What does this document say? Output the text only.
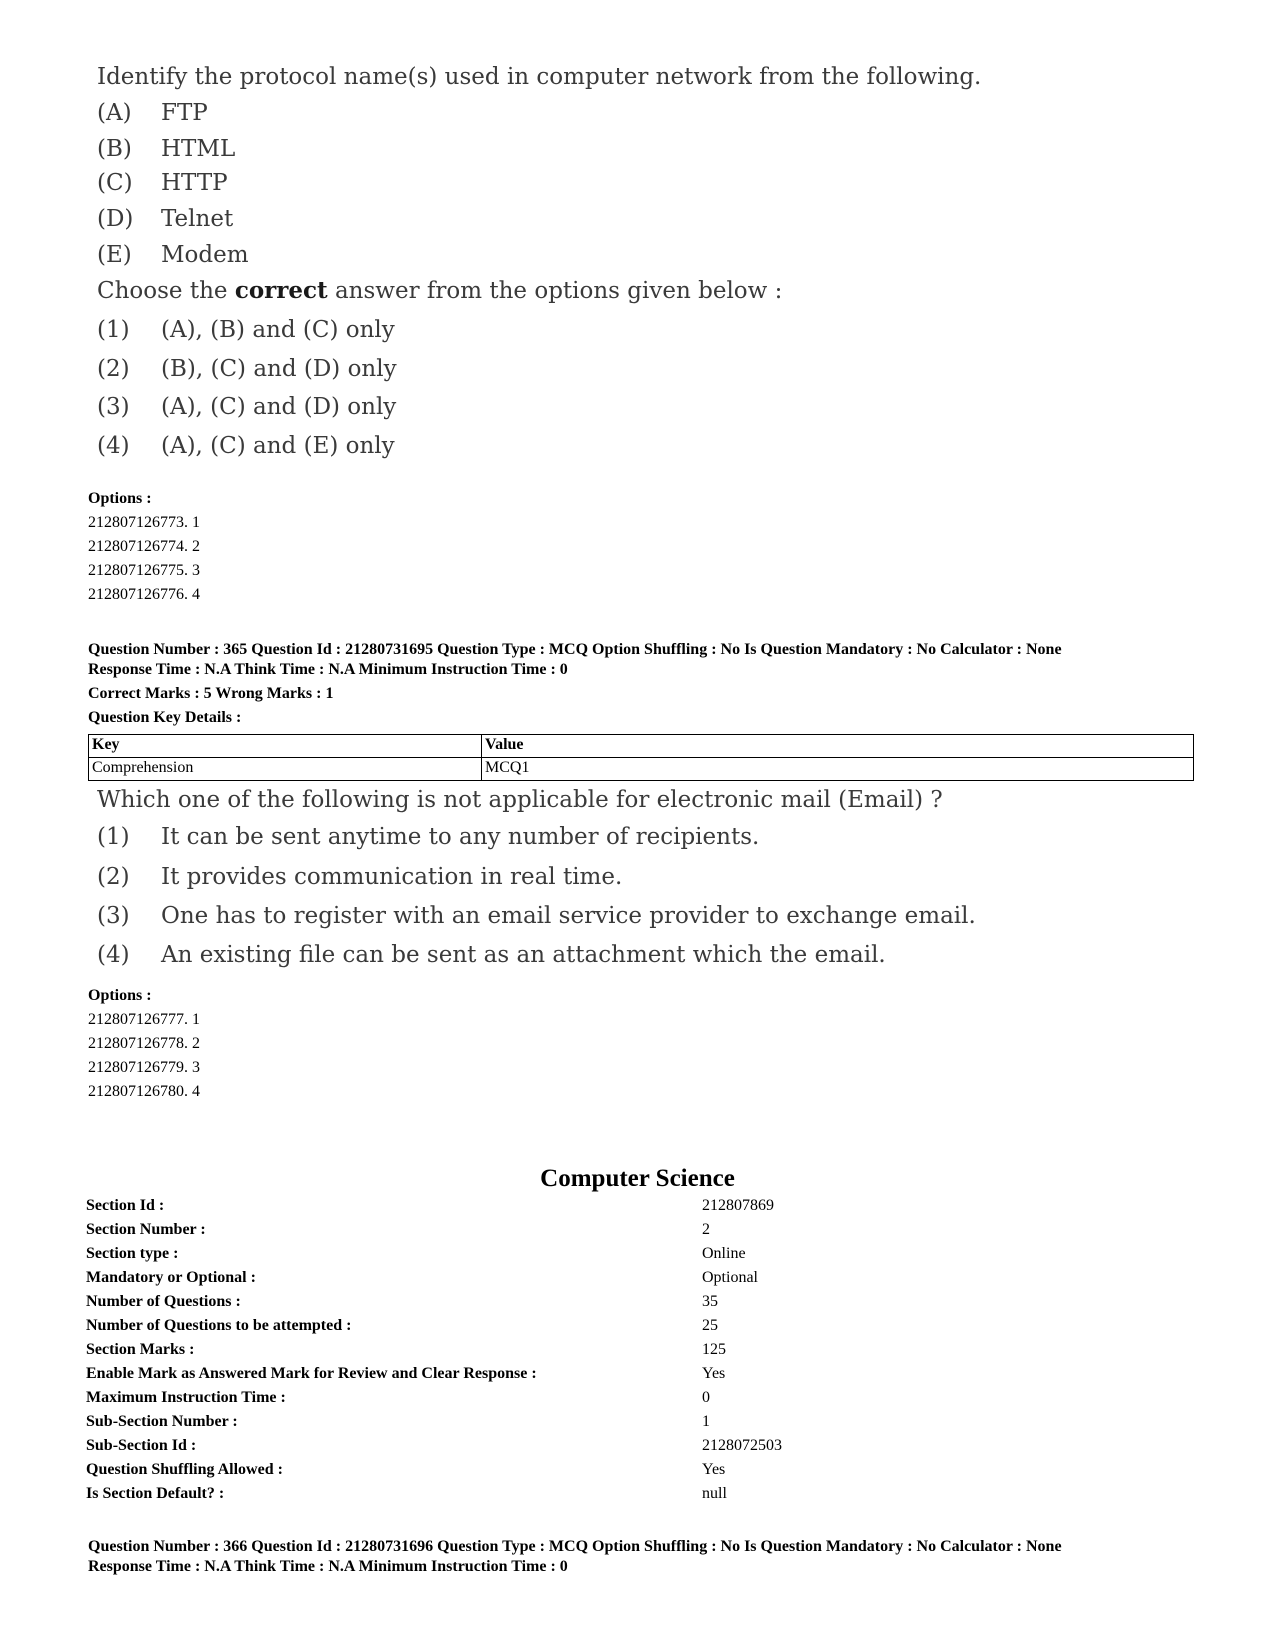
Identify the protocol name(s) used in computer network from the following.
(A) FTP
(B) HTML
(C) HTTP
(D) Telnet
(E) Modem
Choose the correct answer from the options given below :
(1) (A), (B) and (C) only
(2) (B), (C) and (D) only
(3) (A), (C) and (D) only
(4) (A), (C) and (E) only
Options :
212807126773. 1
212807126774. 2
212807126775. 3
212807126776. 4
Question Number : 365 Question Id : 21280731695 Question Type : MCQ Option Shuffling : No Is Question Mandatory : No Calculator : None
Response Time : N.A Think Time : N.A Minimum Instruction Time : 0
Correct Marks : 5 Wrong Marks : 1
Question Key Details :
Key	Value
Comprehension	MCQ1
Which one of the following is not applicable for electronic mail (Email) ?
(1) It can be sent anytime to any number of recipients.
(2) It provides communication in real time.
(3) One has to register with an email service provider to exchange email.
(4) An existing file can be sent as an attachment which the email.
Options :
212807126777. 1
212807126778. 2
212807126779. 3
212807126780. 4
Computer Science
Section Id :	212807869
Section Number :	2
Section type :	Online
Mandatory or Optional :	Optional
Number of Questions :	35
Number of Questions to be attempted :	25
Section Marks :	125
Enable Mark as Answered Mark for Review and Clear Response :	Yes
Maximum Instruction Time :	0
Sub-Section Number :	1
Sub-Section Id :	2128072503
Question Shuffling Allowed :	Yes
Is Section Default? :	null
Question Number : 366 Question Id : 21280731696 Question Type : MCQ Option Shuffling : No Is Question Mandatory : No Calculator : None
Response Time : N.A Think Time : N.A Minimum Instruction Time : 0
